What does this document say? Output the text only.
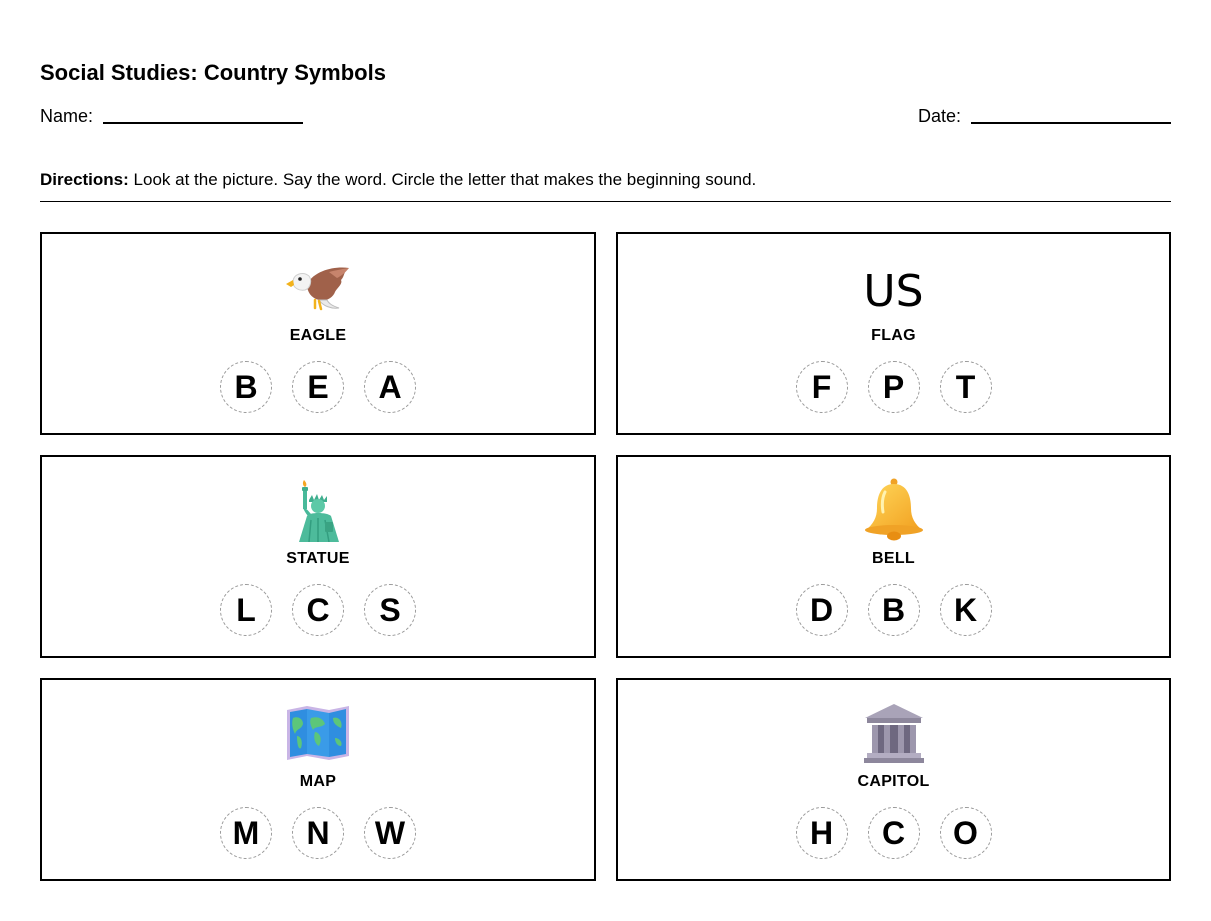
Social Studies: Country Symbols
Name:	Date:
Directions: Look at the picture. Say the word. Circle the letter that makes the beginning sound.
EAGLE
B	E	A
US
FLAG
F	P	T
STATUE
L	C	S
BELL
D	B	K
MAP
M	N	W
CAPITOL
H	C	O
